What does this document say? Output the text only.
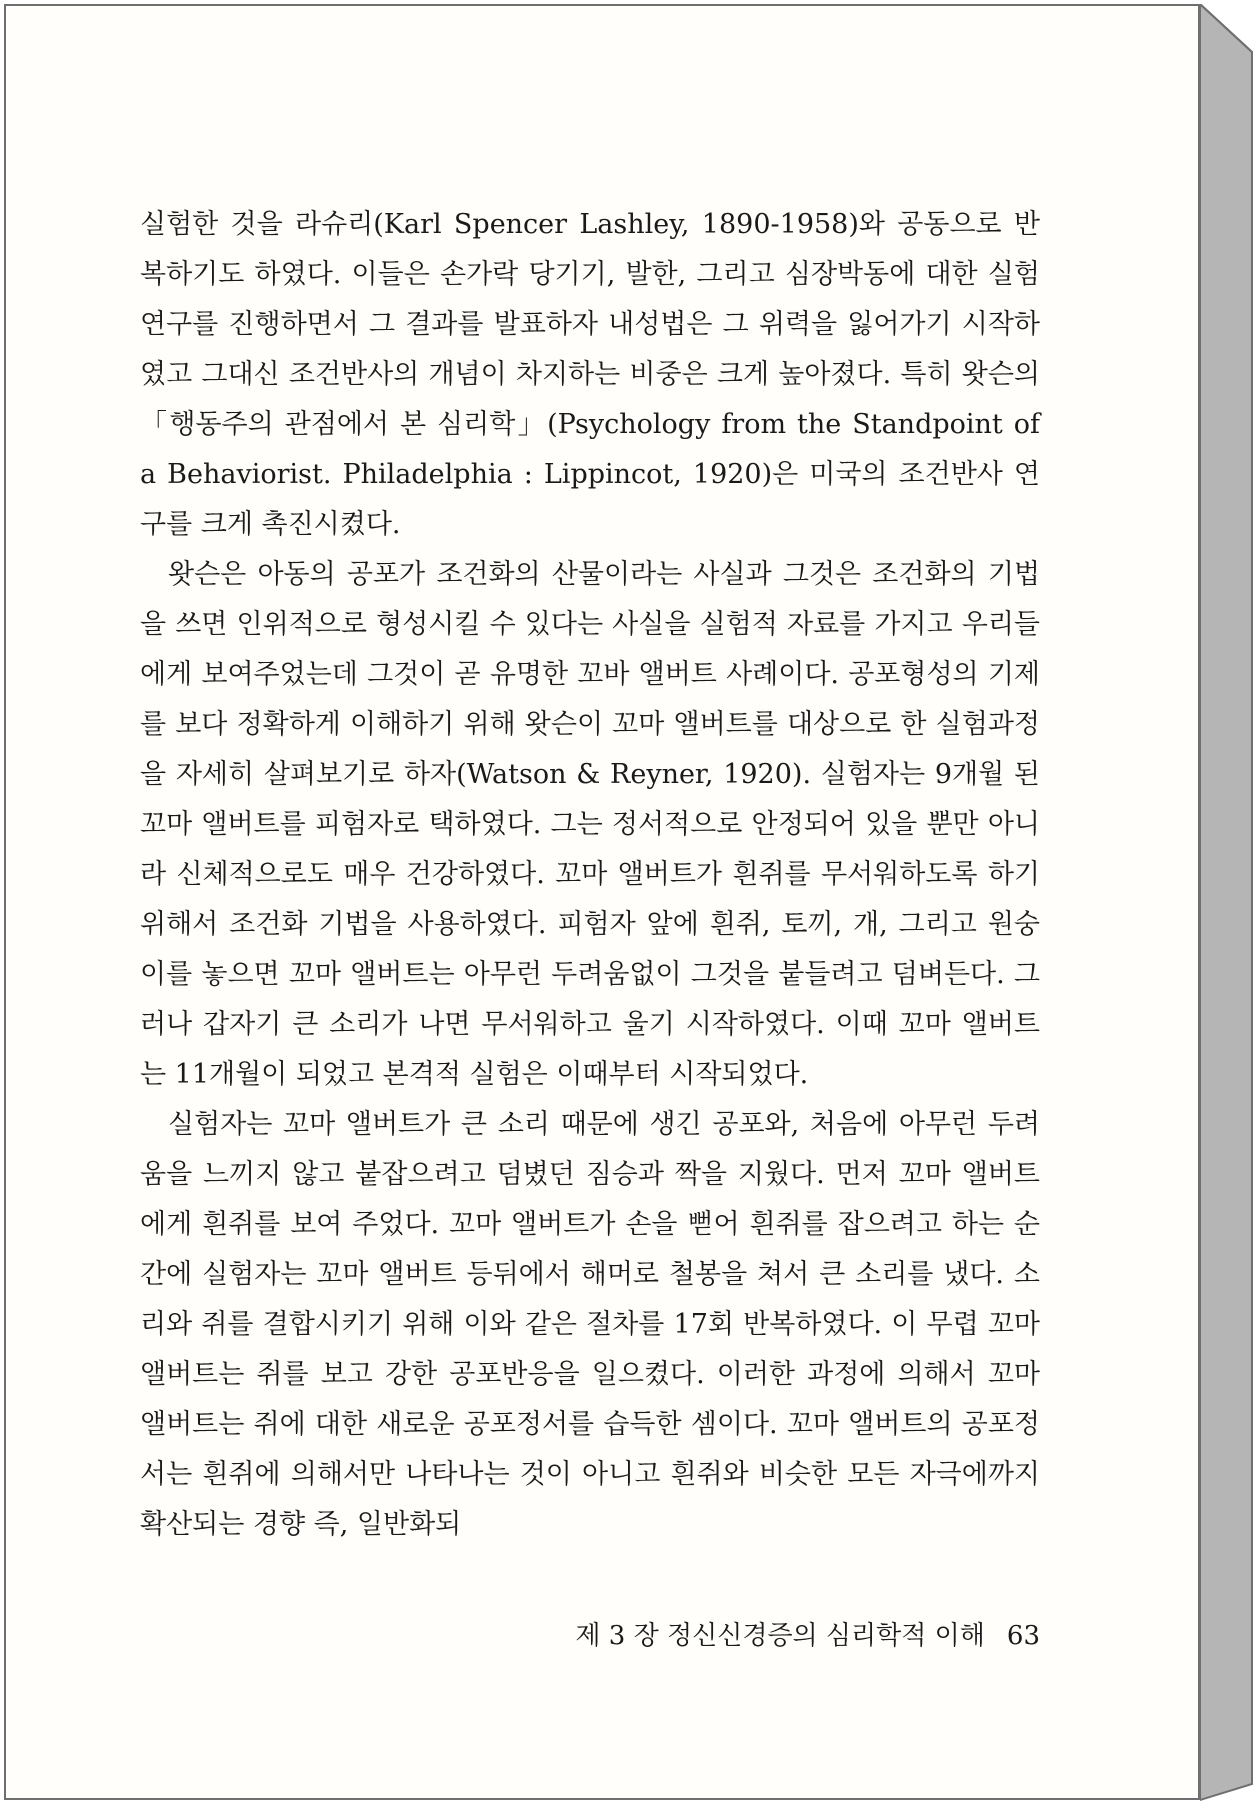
실험한 것을 라슈리(Karl Spencer Lashley, 1890-1958)와 공동으로 반복하기도 하였다. 이들은 손가락 당기기, 발한, 그리고 심장박동에 대한 실험연구를 진행하면서 그 결과를 발표하자 내성법은 그 위력을 잃어가기 시작하였고 그대신 조건반사의 개념이 차지하는 비중은 크게 높아졌다. 특히 왓슨의 「행동주의 관점에서 본 심리학」(Psychology from the Standpoint of a Behaviorist. Philadelphia : Lippincot, 1920)은 미국의 조건반사 연구를 크게 촉진시켰다.

왓슨은 아동의 공포가 조건화의 산물이라는 사실과 그것은 조건화의 기법을 쓰면 인위적으로 형성시킬 수 있다는 사실을 실험적 자료를 가지고 우리들에게 보여주었는데 그것이 곧 유명한 꼬바 앨버트 사례이다. 공포형성의 기제를 보다 정확하게 이해하기 위해 왓슨이 꼬마 앨버트를 대상으로 한 실험과정을 자세히 살펴보기로 하자(Watson & Reyner, 1920). 실험자는 9개월 된 꼬마 앨버트를 피험자로 택하였다. 그는 정서적으로 안정되어 있을 뿐만 아니라 신체적으로도 매우 건강하였다. 꼬마 앨버트가 흰쥐를 무서워하도록 하기 위해서 조건화 기법을 사용하였다. 피험자 앞에 흰쥐, 토끼, 개, 그리고 원숭이를 놓으면 꼬마 앨버트는 아무런 두려움없이 그것을 붙들려고 덤벼든다. 그러나 갑자기 큰 소리가 나면 무서워하고 울기 시작하였다. 이때 꼬마 앨버트는 11개월이 되었고 본격적 실험은 이때부터 시작되었다.

실험자는 꼬마 앨버트가 큰 소리 때문에 생긴 공포와, 처음에 아무런 두려움을 느끼지 않고 붙잡으려고 덤볐던 짐승과 짝을 지웠다. 먼저 꼬마 앨버트에게 흰쥐를 보여 주었다. 꼬마 앨버트가 손을 뻗어 흰쥐를 잡으려고 하는 순간에 실험자는 꼬마 앨버트 등뒤에서 해머로 철봉을 쳐서 큰 소리를 냈다. 소리와 쥐를 결합시키기 위해 이와 같은 절차를 17회 반복하였다. 이 무렵 꼬마 앨버트는 쥐를 보고 강한 공포반응을 일으켰다. 이러한 과정에 의해서 꼬마 앨버트는 쥐에 대한 새로운 공포정서를 습득한 셈이다. 꼬마 앨버트의 공포정서는 흰쥐에 의해서만 나타나는 것이 아니고 흰쥐와 비슷한 모든 자극에까지 확산되는 경향 즉, 일반화되

제 3 장 정신신경증의 심리학적 이해 63
